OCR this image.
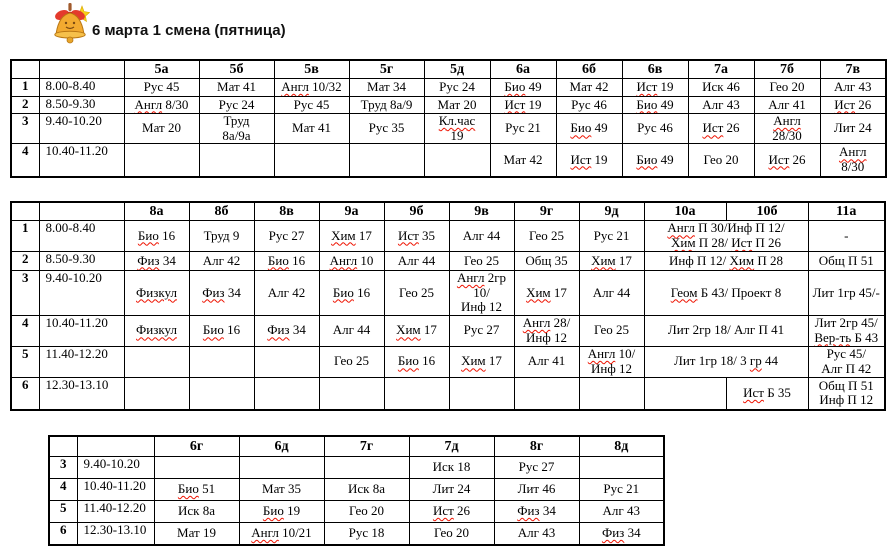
6 марта 1 смена (пятница)
		5а	5б	5в	5г	5д	6а	6б	6в	7а	7б	7в
1	8.00-8.40	Рус 45	Мат 41	Англ 10/32	Мат 34	Рус 24	Био 49	Мат 42	Ист 19	Иск 46	Гео 20	Алг 43
2	8.50-9.30	Англ 8/30	Рус 24	Рус 45	Труд 8а/9	Мат 20	Ист 19	Рус 46	Био 49	Алг 43	Алг 41	Ист 26
3	9.40-10.20	Мат 20	Труд
8а/9а	Мат 41	Рус 35	Кл.час
19	Рус 21	Био 49	Рус 46	Ист 26	Англ
28/30	Лит 24
4	10.40-11.20						Мат 42	Ист 19	Био 49	Гео 20	Ист 26	Англ
8/30
		8а	8б	8в	9а	9б	9в	9г	9д	10а	10б	11а
1	8.00-8.40	Био 16	Труд 9	Рус 27	Хим 17	Ист 35	Алг 44	Гео 25	Рус 21	Англ П 30/Инф П 12/
Хим П 28/ Ист П 26		-
2	8.50-9.30	Физ 34	Алг 42	Био 16	Англ 10	Алг 44	Гео 25	Общ 35	Хим 17	Инф П 12/ Хим П 28		Общ П 51
3	9.40-10.20	Физкул	Физ 34	Алг 42	Био 16	Гео 25	Англ 2гр
10/
Инф 12	Хим 17	Алг 44	Геом Б 43/ Проект 8		Лит 1гр 45/-
4	10.40-11.20	Физкул	Био 16	Физ 34	Алг 44	Хим 17	Рус 27	Англ 28/
Инф 12	Гео 25	Лит 2гр 18/ Алг П 41		Лит 2гр 45/
Вер-ть Б 43
5	11.40-12.20				Гео 25	Био 16	Хим 17	Алг 41	Англ 10/
Инф 12	Лит 1гр 18/ 3 гр 44		Рус 45/
Алг П 42
6	12.30-13.10										Ист Б 35	Общ П 51
Инф П 12
		6г	6д	7г	7д	8г	8д
3	9.40-10.20				Иск 18	Рус 27	
4	10.40-11.20	Био 51	Мат 35	Иск 8а	Лит 24	Лит 46	Рус 21
5	11.40-12.20	Иск 8а	Био 19	Гео 20	Ист 26	Физ 34	Алг 43
6	12.30-13.10	Мат 19	Англ 10/21	Рус 18	Гео 20	Алг 43	Физ 34
